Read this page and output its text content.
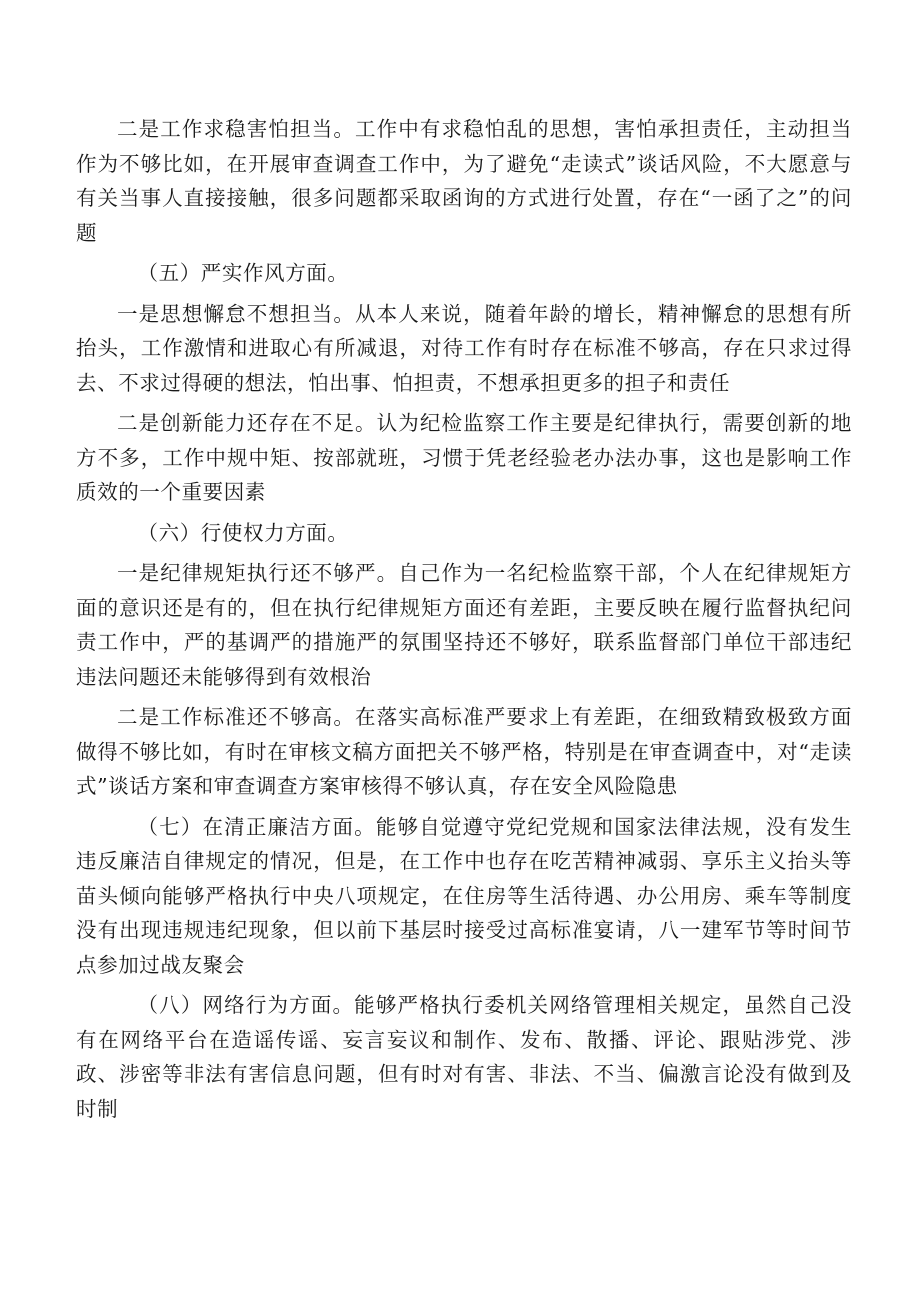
二是工作求稳害怕担当。工作中有求稳怕乱的思想，害怕承担责任，主动担当作为不够比如，在开展审查调查工作中，为了避免“走读式”谈话风险，不大愿意与有关当事人直接接触，很多问题都采取函询的方式进行处置，存在“一函了之”的问题

（五）严实作风方面。

一是思想懈怠不想担当。从本人来说，随着年龄的增长，精神懈怠的思想有所抬头，工作激情和进取心有所减退，对待工作有时存在标准不够高，存在只求过得去、不求过得硬的想法，怕出事、怕担责，不想承担更多的担子和责任

二是创新能力还存在不足。认为纪检监察工作主要是纪律执行，需要创新的地方不多，工作中规中矩、按部就班，习惯于凭老经验老办法办事，这也是影响工作质效的一个重要因素

（六）行使权力方面。

一是纪律规矩执行还不够严。自己作为一名纪检监察干部，个人在纪律规矩方面的意识还是有的，但在执行纪律规矩方面还有差距，主要反映在履行监督执纪问责工作中，严的基调严的措施严的氛围坚持还不够好，联系监督部门单位干部违纪违法问题还未能够得到有效根治

二是工作标准还不够高。在落实高标准严要求上有差距，在细致精致极致方面做得不够比如，有时在审核文稿方面把关不够严格，特别是在审查调查中，对“走读式”谈话方案和审查调查方案审核得不够认真，存在安全风险隐患

（七）在清正廉洁方面。能够自觉遵守党纪党规和国家法律法规，没有发生违反廉洁自律规定的情况，但是，在工作中也存在吃苦精神减弱、享乐主义抬头等苗头倾向能够严格执行中央八项规定，在住房等生活待遇、办公用房、乘车等制度没有出现违规违纪现象，但以前下基层时接受过高标准宴请，八一建军节等时间节点参加过战友聚会

（八）网络行为方面。能够严格执行委机关网络管理相关规定，虽然自己没有在网络平台在造谣传谣、妄言妄议和制作、发布、散播、评论、跟贴涉党、涉政、涉密等非法有害信息问题，但有时对有害、非法、不当、偏激言论没有做到及时制
